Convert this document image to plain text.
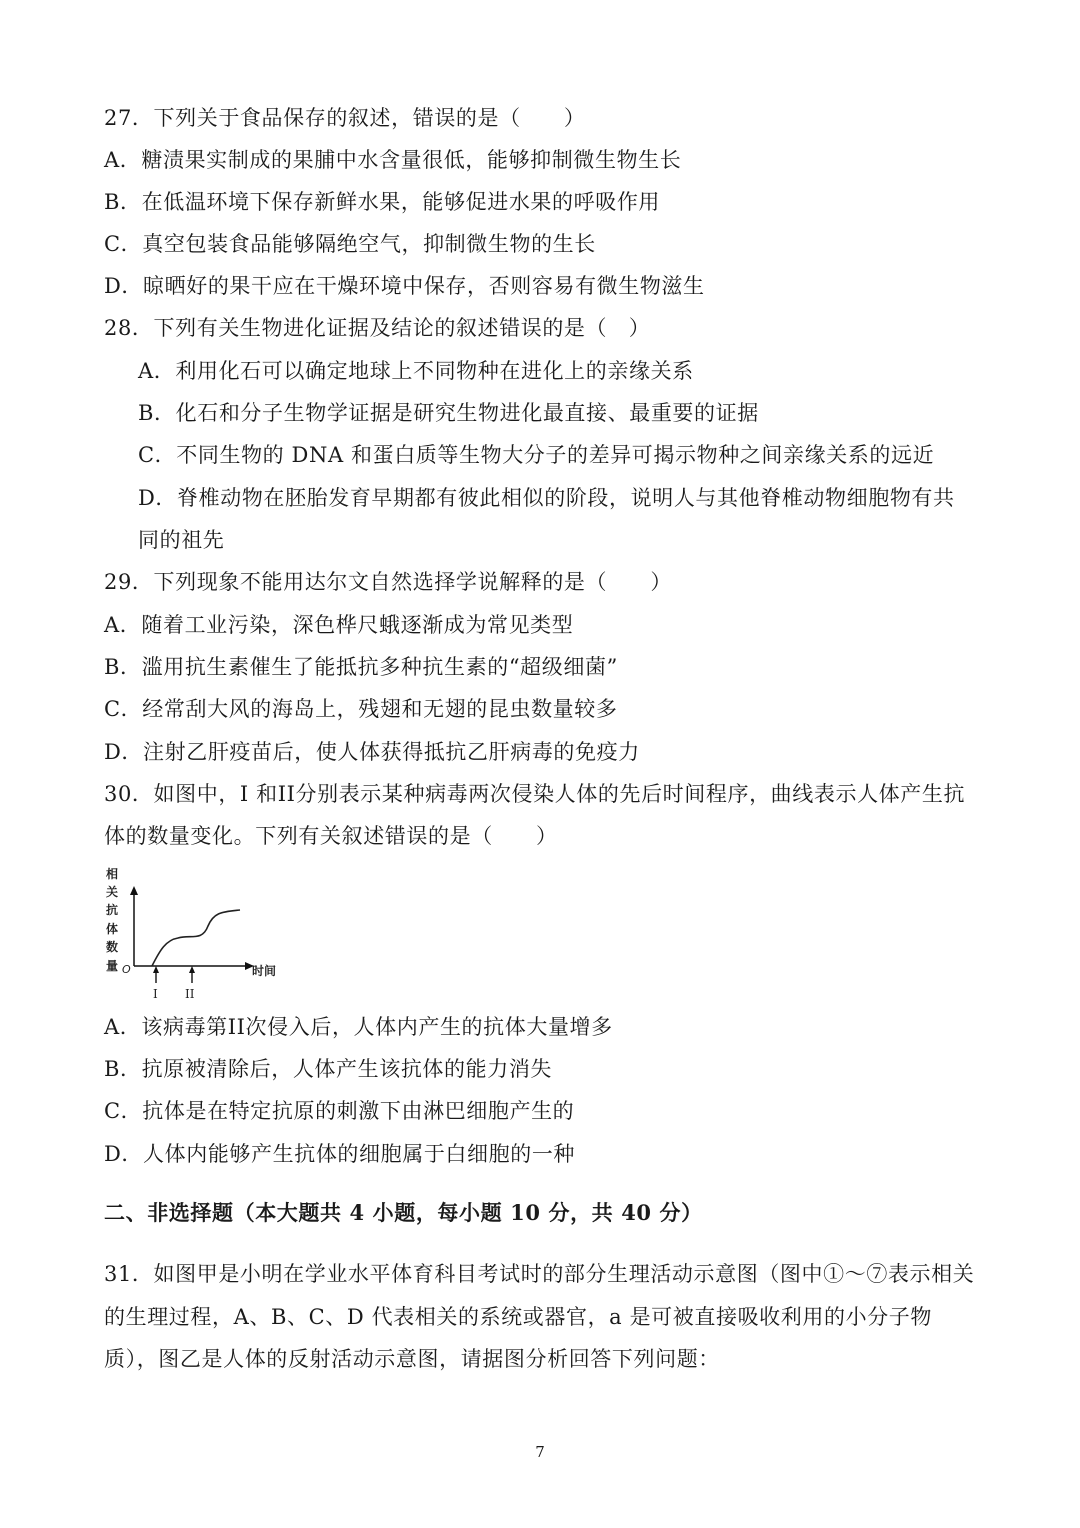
27．下列关于食品保存的叙述，错误的是（　　）
A．糖渍果实制成的果脯中水含量很低，能够抑制微生物生长
B．在低温环境下保存新鲜水果，能够促进水果的呼吸作用
C．真空包装食品能够隔绝空气，抑制微生物的生长
D．晾晒好的果干应在干燥环境中保存，否则容易有微生物滋生
28．下列有关生物进化证据及结论的叙述错误的是（　）
A．利用化石可以确定地球上不同物种在进化上的亲缘关系
B．化石和分子生物学证据是研究生物进化最直接、最重要的证据
C．不同生物的 DNA 和蛋白质等生物大分子的差异可揭示物种之间亲缘关系的远近
D．脊椎动物在胚胎发育早期都有彼此相似的阶段，说明人与其他脊椎动物细胞物有共
同的祖先
29．下列现象不能用达尔文自然选择学说解释的是（　　）
A．随着工业污染，深色桦尺蛾逐渐成为常见类型
B．滥用抗生素催生了能抵抗多种抗生素的“超级细菌”
C．经常刮大风的海岛上，残翅和无翅的昆虫数量较多
D．注射乙肝疫苗后，使人体获得抵抗乙肝病毒的免疫力
30．如图中，I 和II分别表示某种病毒两次侵染人体的先后时间程序，曲线表示人体产生抗
体的数量变化。下列有关叙述错误的是（　　）
相
关
抗
体
数
量 O	时间
I II
A．该病毒第II次侵入后，人体内产生的抗体大量增多
B．抗原被清除后，人体产生该抗体的能力消失
C．抗体是在特定抗原的刺激下由淋巴细胞产生的
D．人体内能够产生抗体的细胞属于白细胞的一种
二、非选择题（本大题共 4 小题，每小题 10 分，共 40 分）
31．如图甲是小明在学业水平体育科目考试时的部分生理活动示意图（图中①～⑦表示相关
的生理过程，A、B、C、D 代表相关的系统或器官，a 是可被直接吸收利用的小分子物
质），图乙是人体的反射活动示意图，请据图分析回答下列问题：
7
